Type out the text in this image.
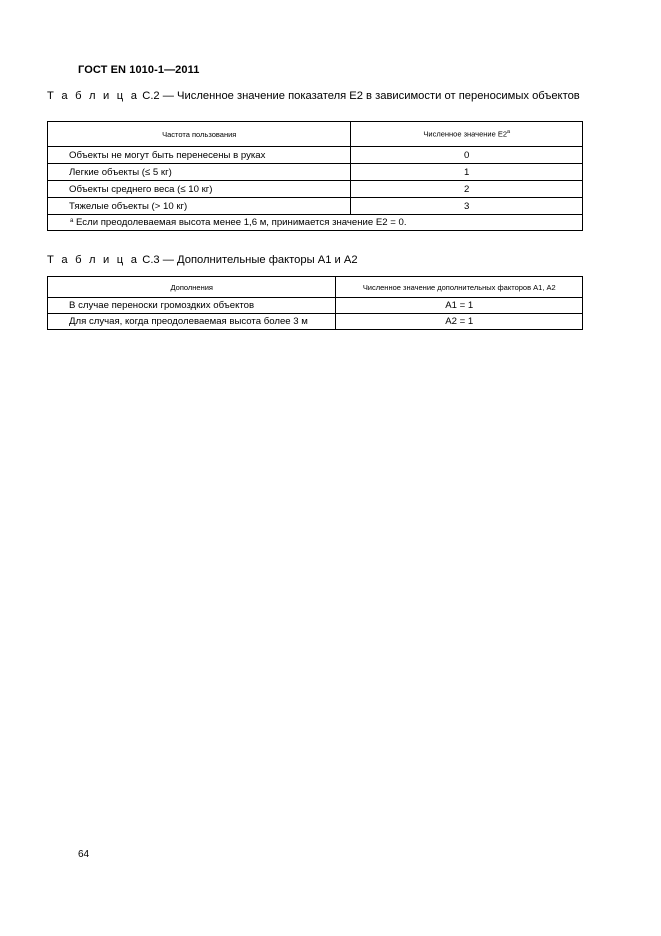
ГОСТ EN 1010-1—2011
Т а б л и ц а С.2 — Численное значение показателя Е2 в зависимости от переносимых объектов
Частота пользования	Численное значение Е2$^a$
Объекты не могут быть перенесены в руках	0
Легкие объекты (≤ 5 кг)	1
Объекты среднего веса (≤ 10 кг)	2
Тяжелые объекты (> 10 кг)	3
$^a$ Если преодолеваемая высота менее 1,6 м, принимается значение Е2 = 0.	
Т а б л и ц а С.3 — Дополнительные факторы А1 и А2
Дополнения	Численное значение дополнительных факторов А1, А2
В случае переноски громоздких объектов	А1 = 1
Для случая, когда преодолеваемая высота более 3 м	А2 = 1
64
